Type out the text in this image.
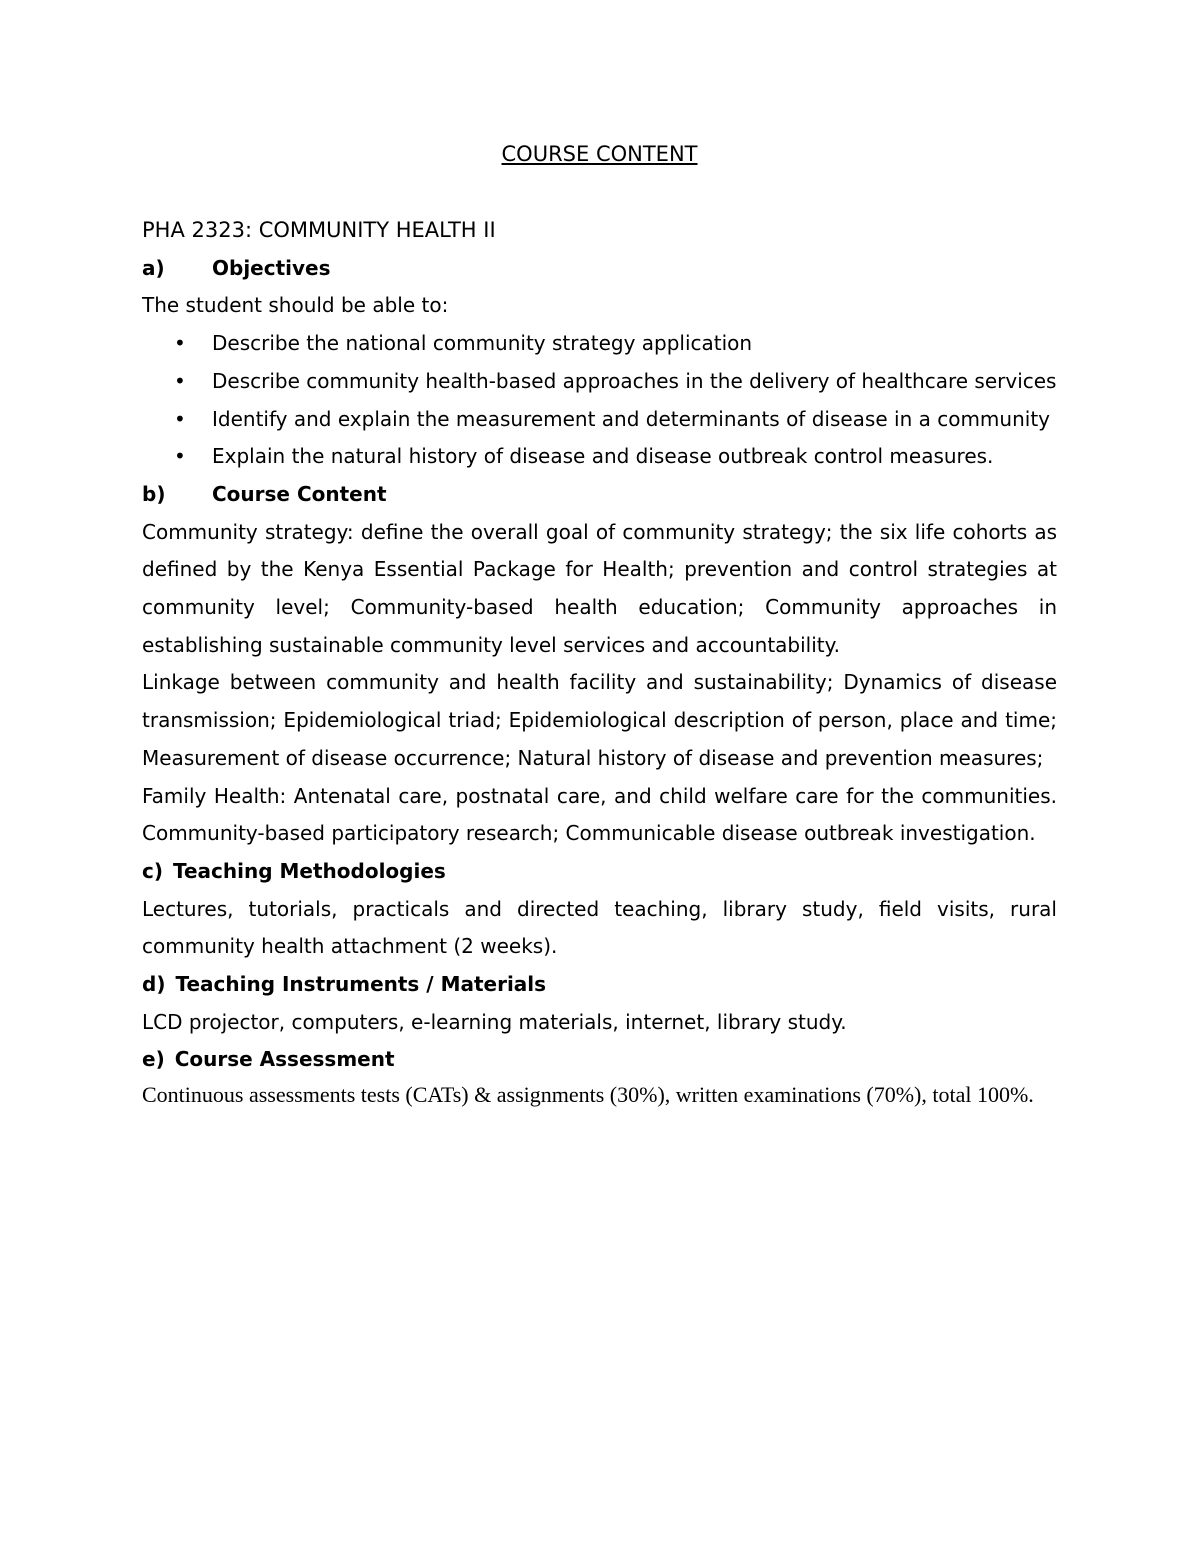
COURSE CONTENT

PHA 2323: COMMUNITY HEALTH II

a)	Objectives

The student should be able to:

• Describe the national community strategy application
• Describe community health-based approaches in the delivery of healthcare services
• Identify and explain the measurement and determinants of disease in a community
• Explain the natural history of disease and disease outbreak control measures.
b)	Course Content

Community strategy: define the overall goal of community strategy; the six life cohorts as defined by the Kenya Essential Package for Health; prevention and control strategies at community level; Community-based health education; Community approaches in establishing sustainable community level services and accountability.

Linkage between community and health facility and sustainability; Dynamics of disease transmission; Epidemiological triad; Epidemiological description of person, place and time; Measurement of disease occurrence; Natural history of disease and prevention measures;

Family Health: Antenatal care, postnatal care, and child welfare care for the communities. Community-based participatory research; Communicable disease outbreak investigation.

c) Teaching Methodologies

Lectures, tutorials, practicals and directed teaching, library study, field visits, rural community health attachment (2 weeks).

d) Teaching Instruments / Materials

LCD projector, computers, e-learning materials, internet, library study.

e) Course Assessment

Continuous assessments tests (CATs) & assignments (30%), written examinations (70%), total 100%.
